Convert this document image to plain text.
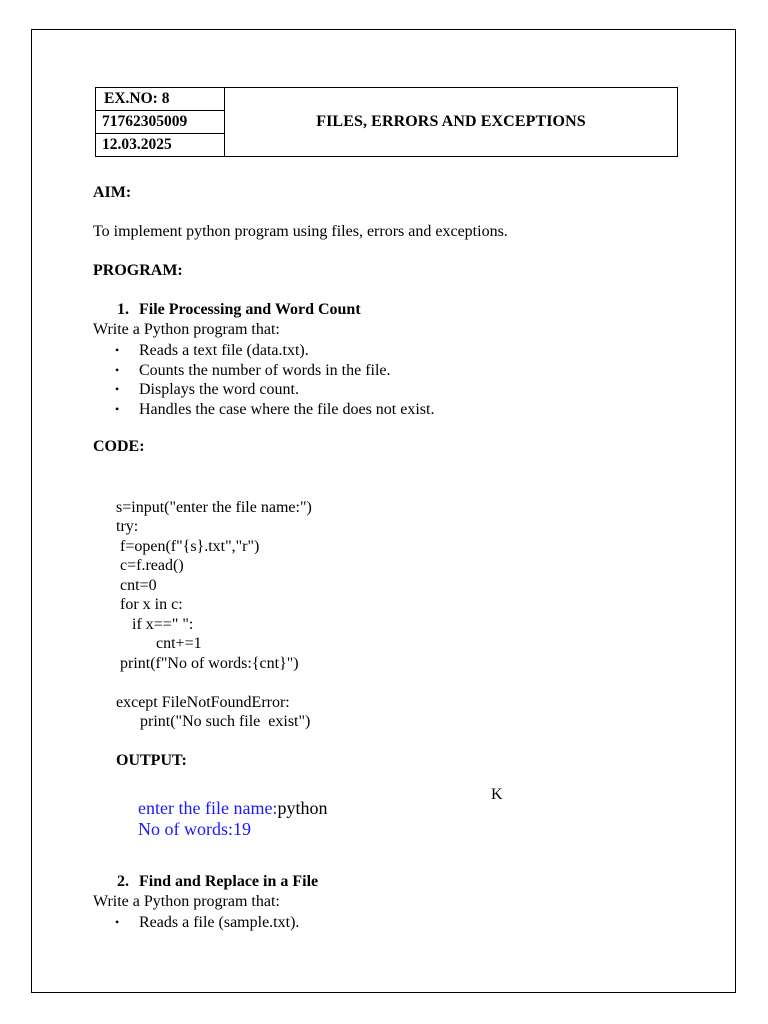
EX.NO: 8
71762305009
12.03.2025
FILES, ERRORS AND EXCEPTIONS
AIM:
To implement python program using files, errors and exceptions.
PROGRAM:
1. File Processing and Word Count
Write a Python program that:
• Reads a text file (data.txt).
• Counts the number of words in the file.
• Displays the word count.
• Handles the case where the file does not exist.
CODE:

s=input("enter the file name:")
try:
f=open(f"{s}.txt","r")
c=f.read()
cnt=0
for x in c:
if x==" ":
cnt+=1
print(f"No of words:{cnt}")
except FileNotFoundError:
print("No such file  exist")

OUTPUT:
K
enter the file name:python
No of words:19
2. Find and Replace in a File
Write a Python program that:
• Reads a file (sample.txt).
